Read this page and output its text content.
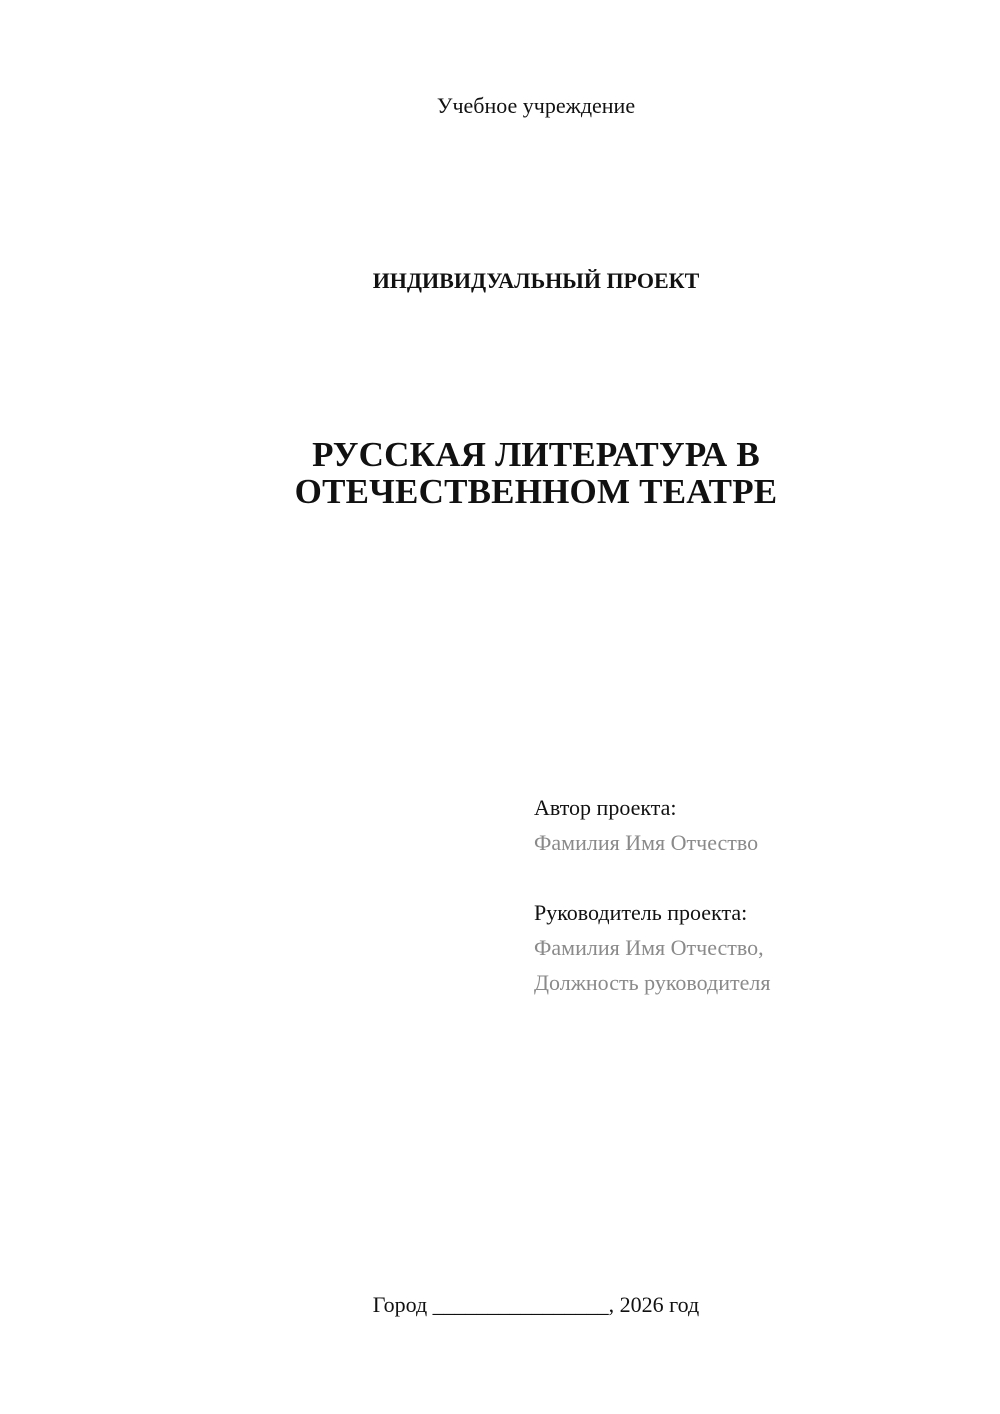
Учебное учреждение
ИНДИВИДУАЛЬНЫЙ ПРОЕКТ
РУССКАЯ ЛИТЕРАТУРА В
ОТЕЧЕСТВЕННОМ ТЕАТРЕ
Автор проекта:
Фамилия Имя Отчество
Руководитель проекта:
Фамилия Имя Отчество,
Должность руководителя
Город ________________, 2026 год
